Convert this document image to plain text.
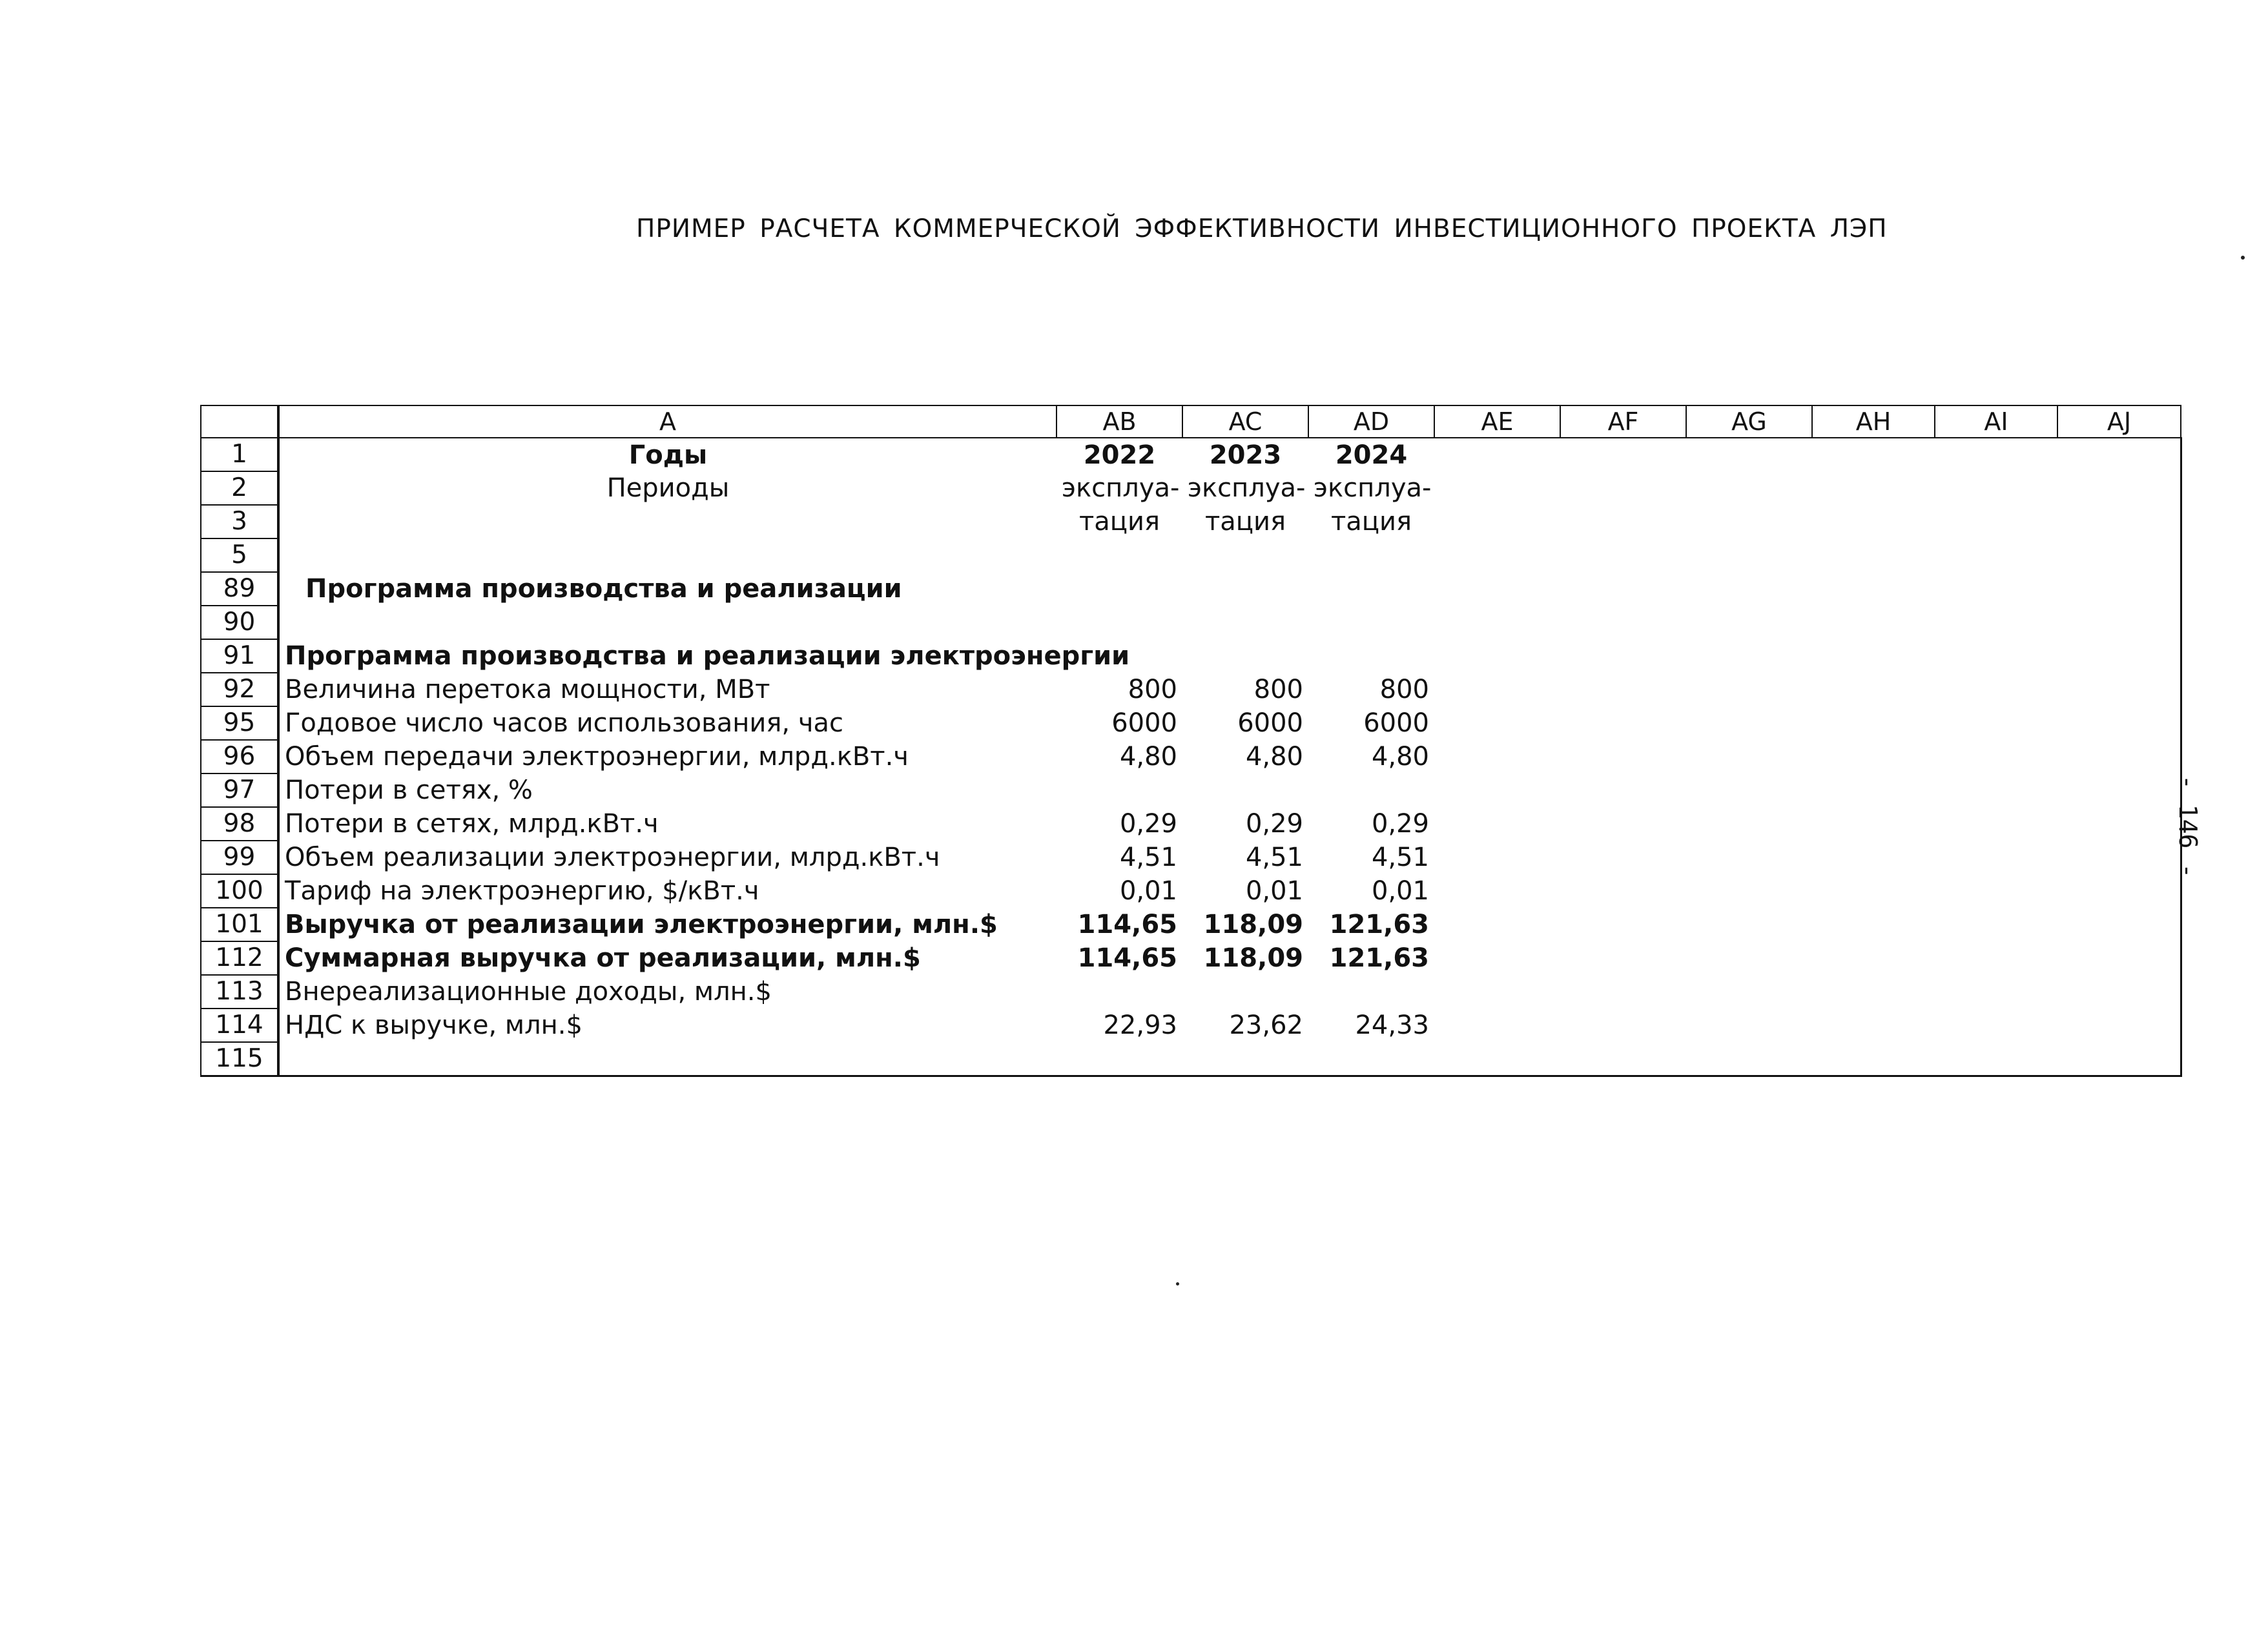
ПРИМЕР РАСЧЕТА КОММЕРЧЕСКОЙ ЭФФЕКТИВНОСТИ ИНВЕСТИЦИОННОГО ПРОЕКТА ЛЭП
- 146 -
	A	AB	AC	AD	AE	AF	AG	AH	AI	AJ
1	Годы	2022	2023	2024						
2	Периоды	эксплуа-	эксплуа-	эксплуа-						
3		тация	тация	тация						
5										
89	Программа производства и реализации									
90										
91	Программа производства и реализации электроэнергии									
92	Величина перетока мощности, МВт	800	800	800						
95	Годовое число часов использования, час	6000	6000	6000						
96	Объем передачи электроэнергии, млрд.кВт.ч	4,80	4,80	4,80						
97	Потери в сетях, %									
98	Потери в сетях, млрд.кВт.ч	0,29	0,29	0,29						
99	Объем реализации электроэнергии, млрд.кВт.ч	4,51	4,51	4,51						
100	Тариф на электроэнергию, $/кВт.ч	0,01	0,01	0,01						
101	Выручка от реализации электроэнергии, млн.$	114,65	118,09	121,63						
112	Суммарная выручка от реализации, млн.$	114,65	118,09	121,63						
113	Внереализационные доходы, млн.$									
114	НДС к выручке, млн.$	22,93	23,62	24,33						
115										
